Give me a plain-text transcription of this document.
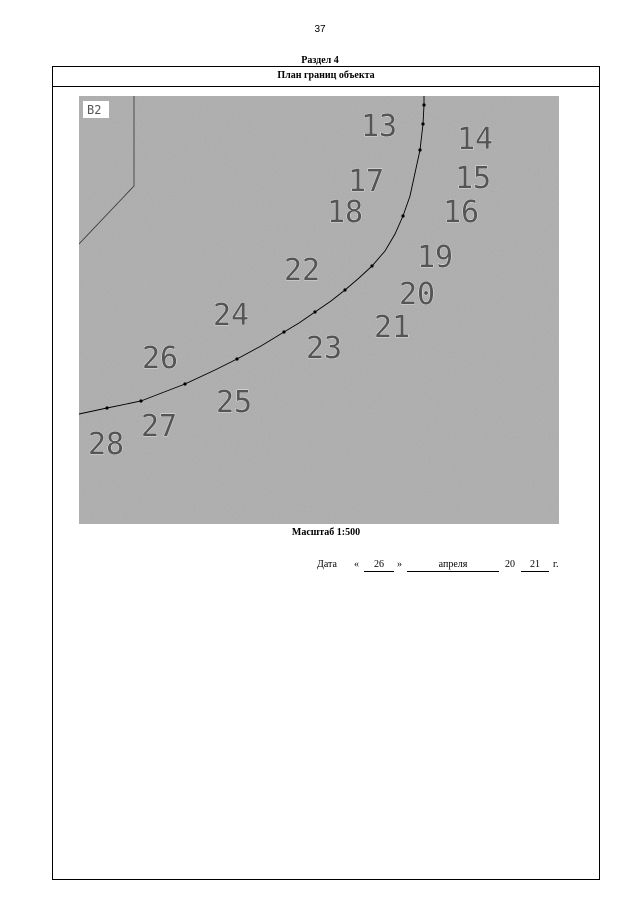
37
Раздел 4
План границ объекта
В2	13 14
15
16
17
18
19
20
21
22
23
24
25
26
27
28
Масштаб 1:500
Дата «	26	»	апреля	20	21	г.
